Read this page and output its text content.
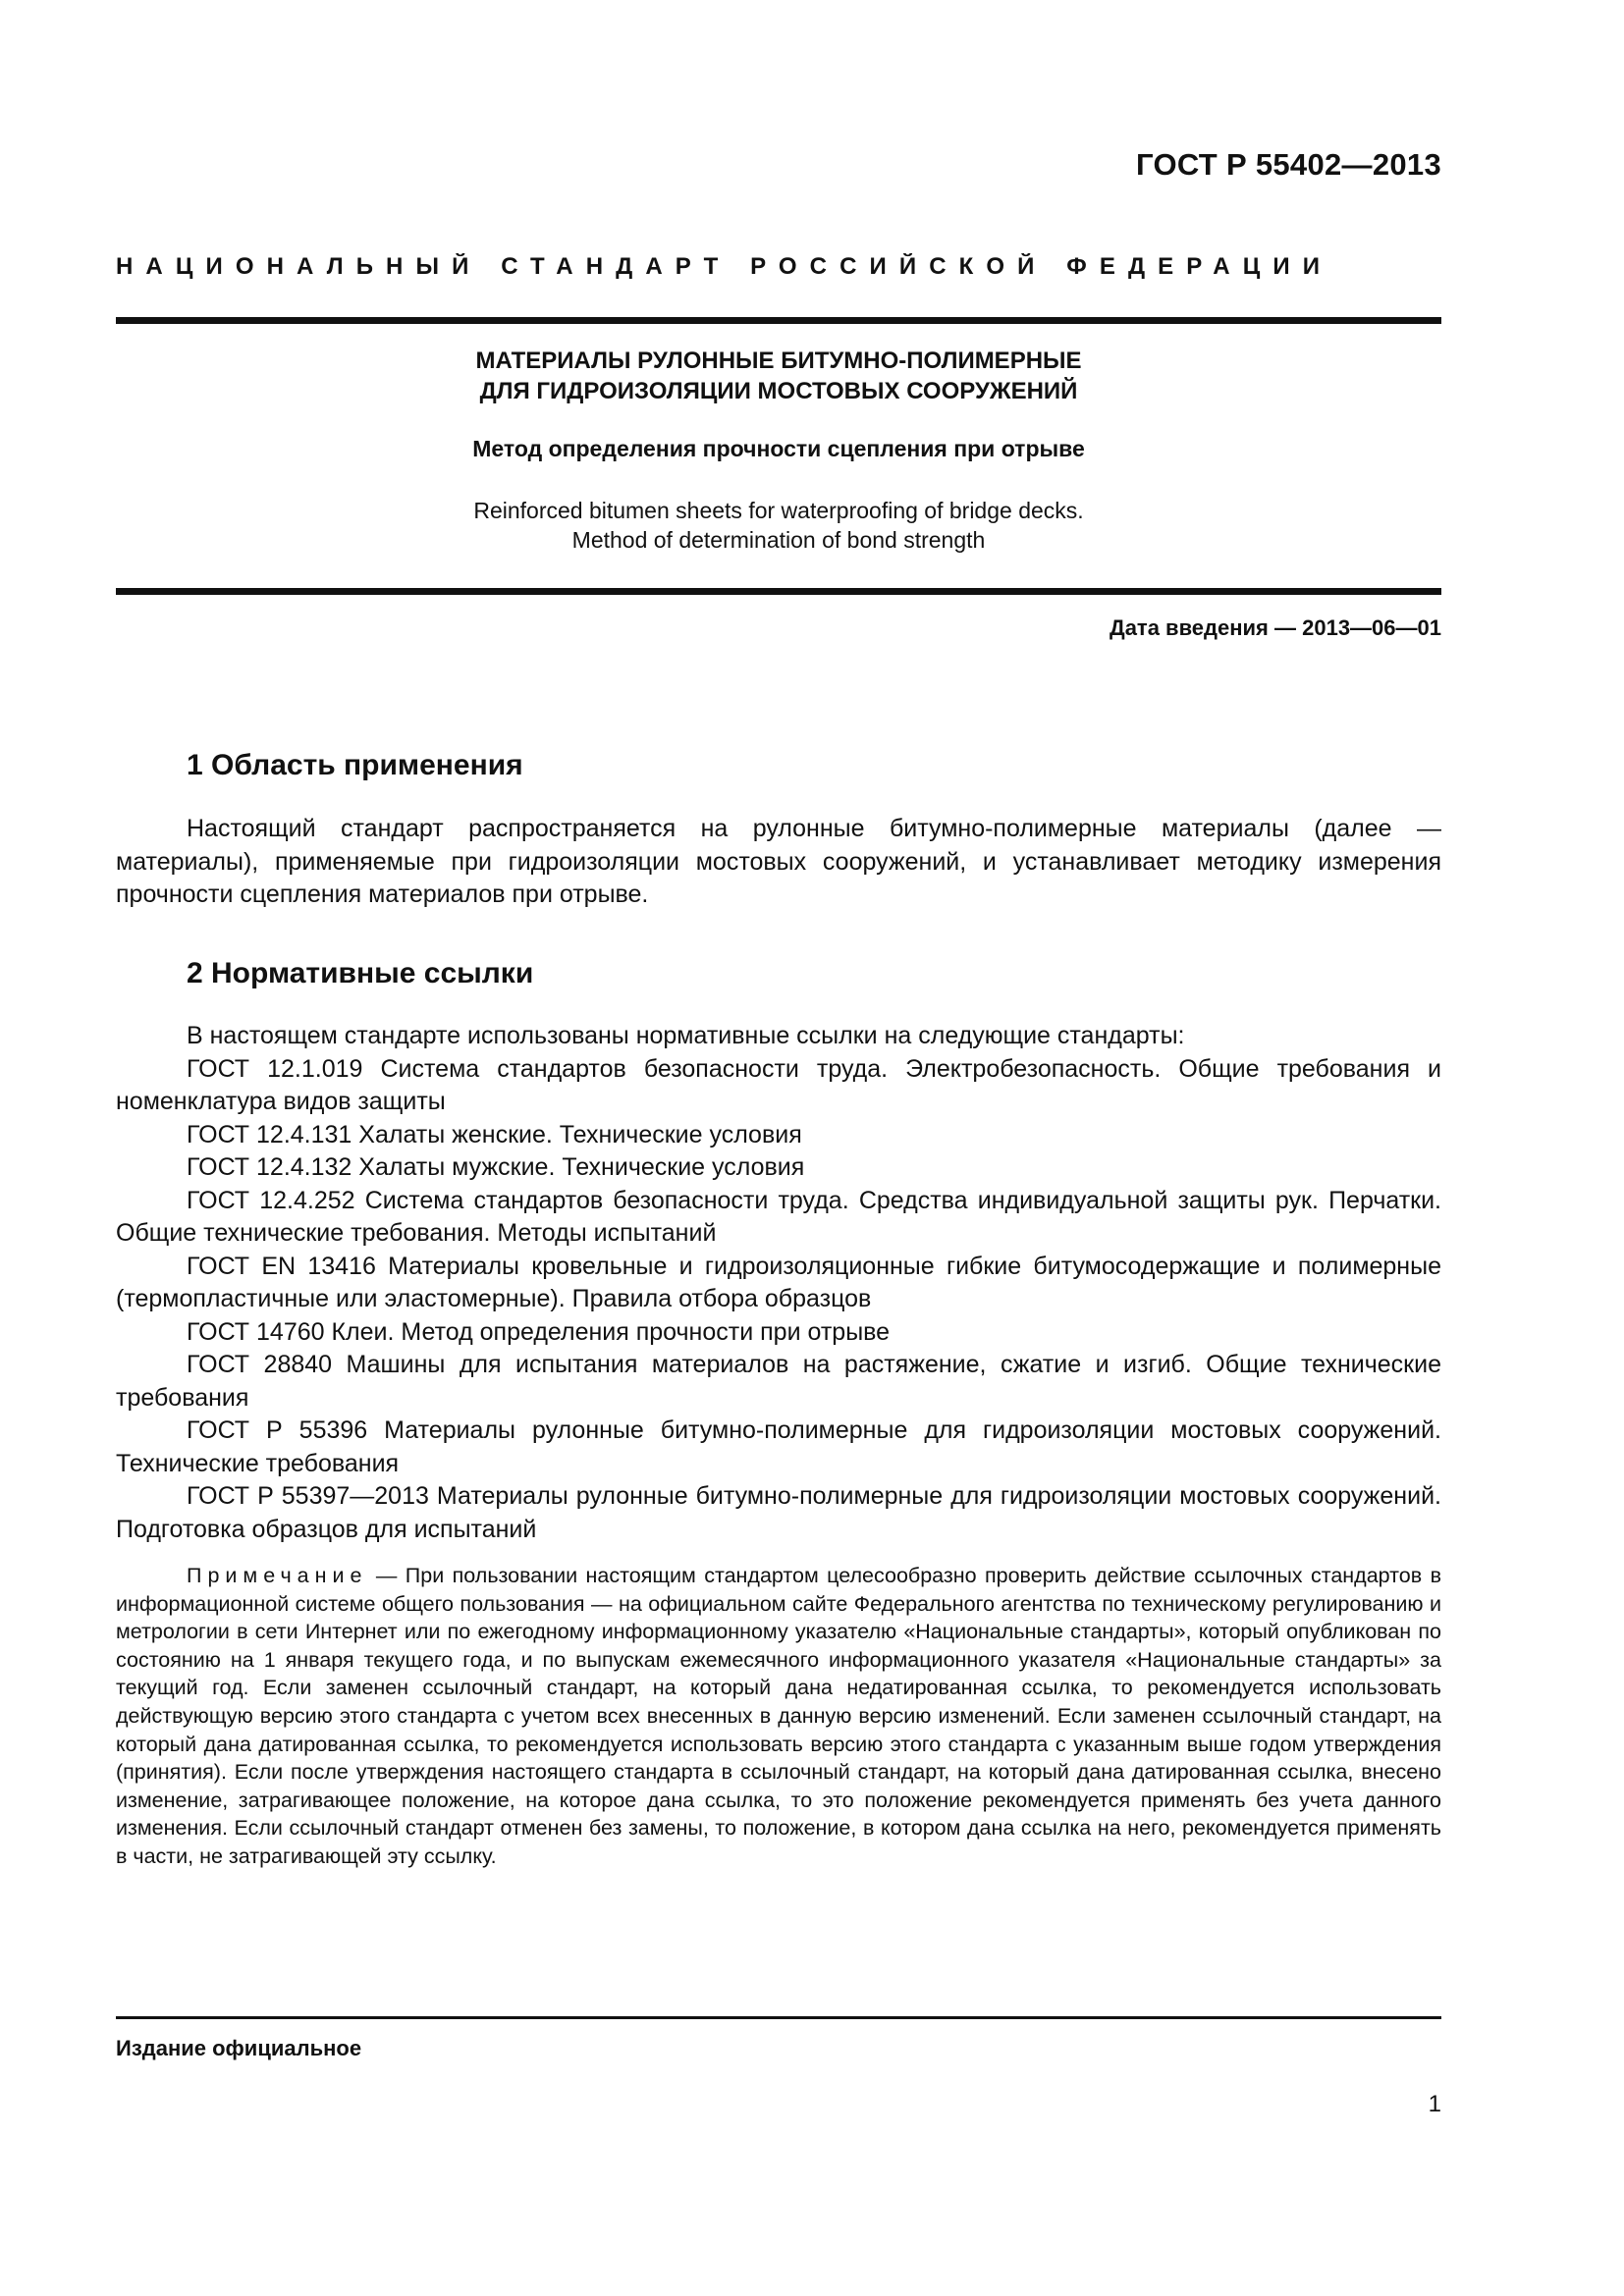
ГОСТ Р 55402—2013
НАЦИОНАЛЬНЫЙ СТАНДАРТ РОССИЙСКОЙ ФЕДЕРАЦИИ

МАТЕРИАЛЫ РУЛОННЫЕ БИТУМНО-ПОЛИМЕРНЫЕ

ДЛЯ ГИДРОИЗОЛЯЦИИ МОСТОВЫХ СООРУЖЕНИЙ

Метод определения прочности сцепления при отрыве

Reinforced bitumen sheets for waterproofing of bridge decks.

Method of determination of bond strength

Дата введения — 2013—06—01
1 Область применения

Настоящий стандарт распространяется на рулонные битумно-полимерные материалы (далее — материалы), применяемые при гидроизоляции мостовых сооружений, и устанавливает методику измерения прочности сцепления материалов при отрыве.

2 Нормативные ссылки

В настоящем стандарте использованы нормативные ссылки на следующие стандарты:

ГОСТ 12.1.019 Система стандартов безопасности труда. Электробезопасность. Общие требования и номенклатура видов защиты

ГОСТ 12.4.131 Халаты женские. Технические условия

ГОСТ 12.4.132 Халаты мужские. Технические условия

ГОСТ 12.4.252 Система стандартов безопасности труда. Средства индивидуальной защиты рук. Перчатки. Общие технические требования. Методы испытаний

ГОСТ EN 13416 Материалы кровельные и гидроизоляционные гибкие битумосодержащие и полимерные (термопластичные или эластомерные). Правила отбора образцов

ГОСТ 14760 Клеи. Метод определения прочности при отрыве

ГОСТ 28840 Машины для испытания материалов на растяжение, сжатие и изгиб. Общие технические требования

ГОСТ Р 55396 Материалы рулонные битумно-полимерные для гидроизоляции мостовых сооружений. Технические требования

ГОСТ Р 55397—2013 Материалы рулонные битумно-полимерные для гидроизоляции мостовых сооружений. Подготовка образцов для испытаний

Примечание — При пользовании настоящим стандартом целесообразно проверить действие ссылочных стандартов в информационной системе общего пользования — на официальном сайте Федерального агентства по техническому регулированию и метрологии в сети Интернет или по ежегодному информационному указателю «Национальные стандарты», который опубликован по состоянию на 1 января текущего года, и по выпускам ежемесячного информационного указателя «Национальные стандарты» за текущий год. Если заменен ссылочный стандарт, на который дана недатированная ссылка, то рекомендуется использовать действующую версию этого стандарта с учетом всех внесенных в данную версию изменений. Если заменен ссылочный стандарт, на который дана датированная ссылка, то рекомендуется использовать версию этого стандарта с указанным выше годом утверждения (принятия). Если после утверждения настоящего стандарта в ссылочный стандарт, на который дана датированная ссылка, внесено изменение, затрагивающее положение, на которое дана ссылка, то это положение рекомендуется применять без учета данного изменения. Если ссылочный стандарт отменен без замены, то положение, в котором дана ссылка на него, рекомендуется применять в части, не затрагивающей эту ссылку.

Издание официальное
1
